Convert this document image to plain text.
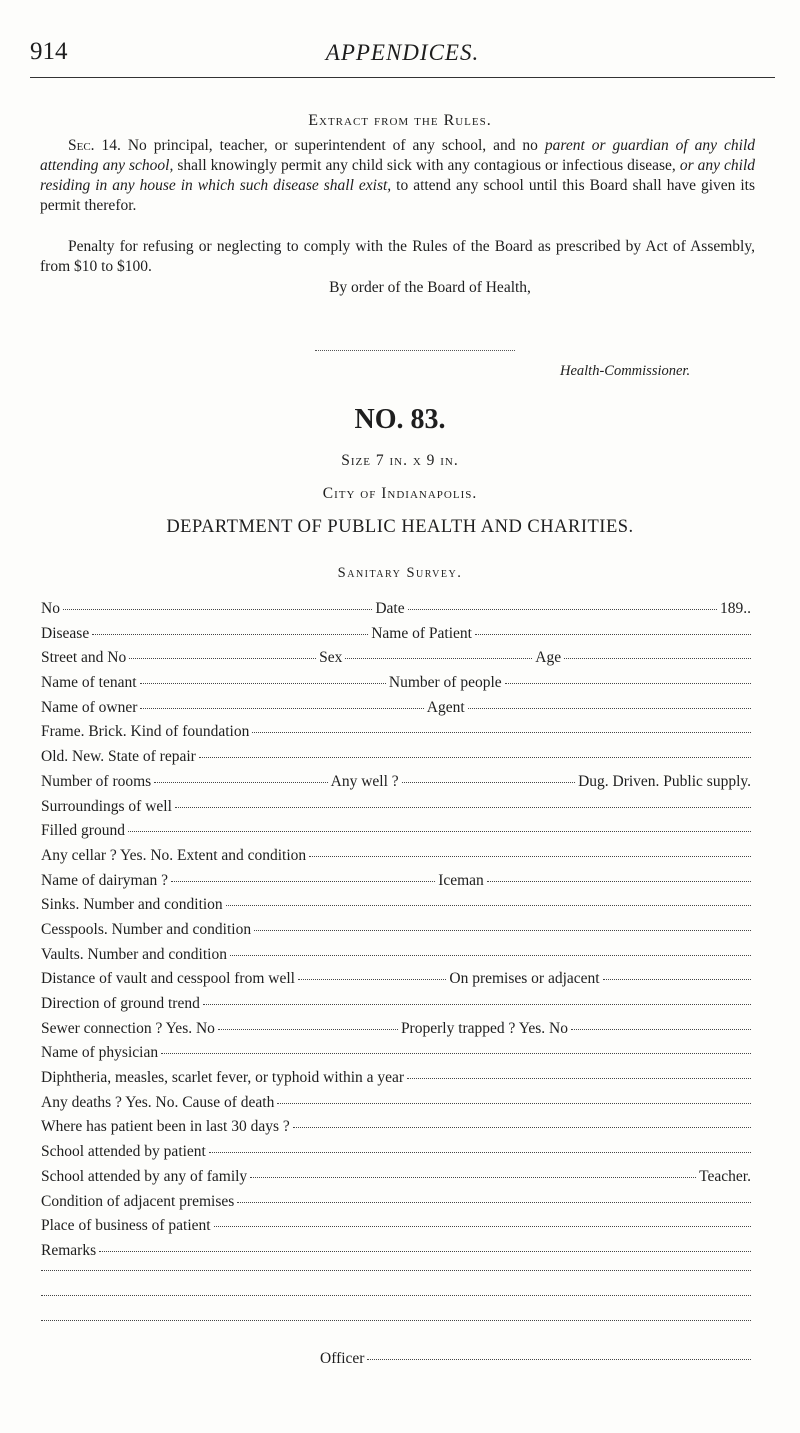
914	APPENDICES.
Extract from the Rules.
Sec. 14. No principal, teacher, or superintendent of any school, and no parent or guardian of any child attending any school, shall knowingly permit any child sick with any contagious or infectious disease, or any child residing in any house in which such disease shall exist, to attend any school until this Board shall have given its permit therefor.
Penalty for refusing or neglecting to comply with the Rules of the Board as prescribed by Act of Assembly, from $10 to $100.
By order of the Board of Health,
Health-Commissioner.
NO. 83.
Size 7 in. x 9 in.
City of Indianapolis.
DEPARTMENT OF PUBLIC HEALTH AND CHARITIES.
Sanitary Survey.
No	Date	189..
Disease	Name of Patient
Street and No	Sex	Age
Name of tenant	Number of people
Name of owner	Agent
Frame. Brick. Kind of foundation
Old. New. State of repair
Number of rooms	Any well ?	Dug. Driven. Public supply.
Surroundings of well
Filled ground
Any cellar ? Yes. No. Extent and condition
Name of dairyman ?	Iceman
Sinks. Number and condition
Cesspools. Number and condition
Vaults. Number and condition
Distance of vault and cesspool from well	On premises or adjacent
Direction of ground trend
Sewer connection ? Yes. No	Properly trapped ? Yes. No
Name of physician
Diphtheria, measles, scarlet fever, or typhoid within a year
Any deaths ? Yes. No. Cause of death
Where has patient been in last 30 days ?
School attended by patient
School attended by any of family	Teacher.
Condition of adjacent premises
Place of business of patient
Remarks
Officer
